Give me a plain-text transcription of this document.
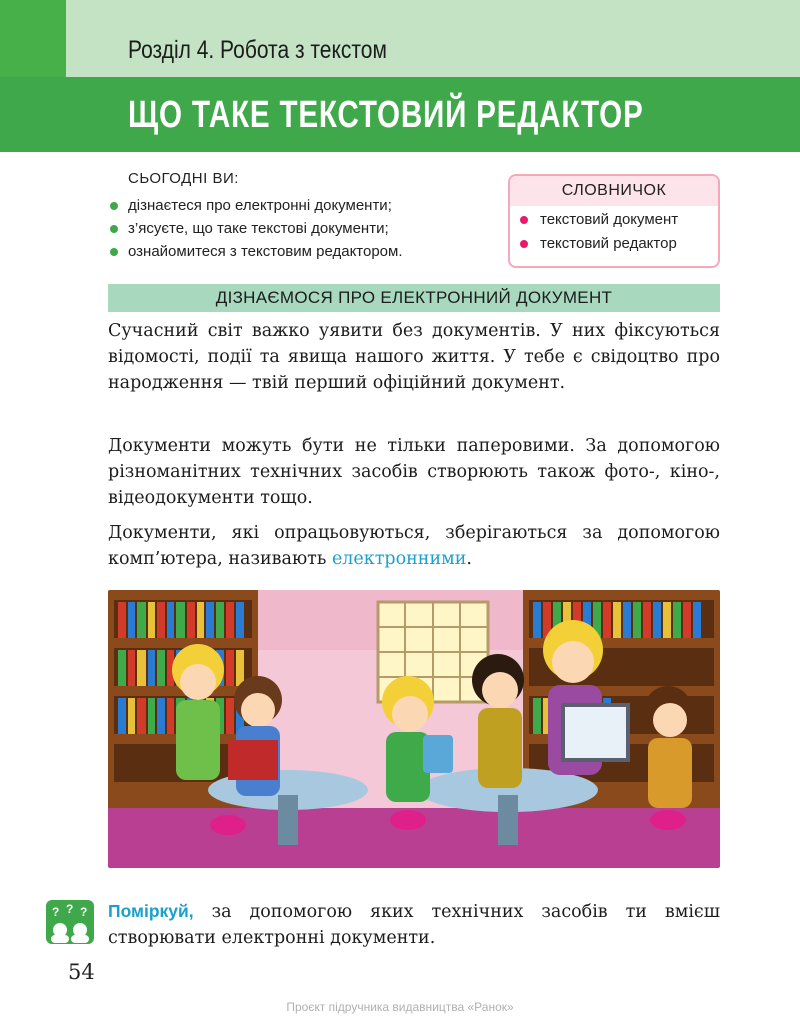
Розділ 4. Робота з текстом
ЩО ТАКЕ ТЕКСТОВИЙ РЕДАКТОР
СЬОГОДНІ ВИ:
дізнаєтеся про електронні документи;
з’ясуєте, що таке текстові документи;
ознайомитеся з текстовим редактором.
СЛОВНИЧОК
текстовий документ
текстовий редактор
ДІЗНАЄМОСЯ ПРО ЕЛЕКТРОННИЙ ДОКУМЕНТ

Сучасний світ важко уявити без документів. У них фіксуються відомості, події та явища нашого життя. У тебе є свідоцтво про народження — твій перший офіційний документ.

Документи можуть бути не тільки паперовими. За допомогою різноманітних технічних засобів створюють також фото-, кіно-, відеодокументи тощо.

Документи, які опрацьовуються, зберігаються за допомогою комп’ютера, називають електронними.

? ? ? Поміркуй, за допомогою яких технічних засобів ти вмієш створювати електронні документи.

54
Проєкт підручника видавництва «Ранок»
